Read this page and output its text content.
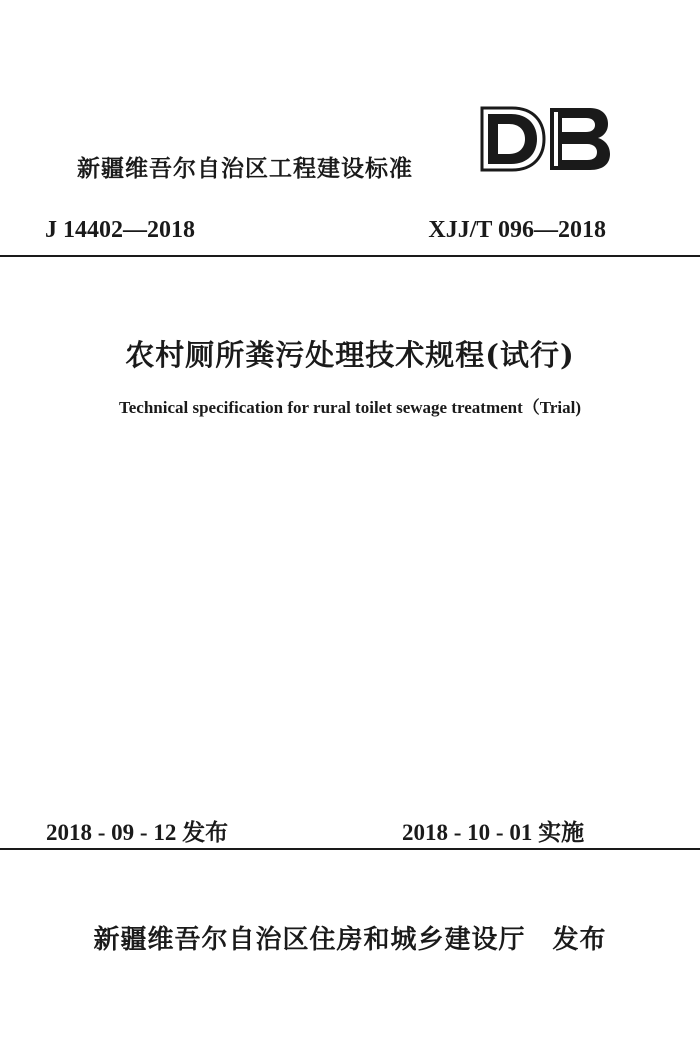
新疆维吾尔自治区工程建设标准
J 14402—2018	XJJ/T 096—2018
农村厕所粪污处理技术规程(试行)
Technical specification for rural toilet sewage treatment（Trial)
2018 - 09 - 12 发布	2018 - 10 - 01 实施
新疆维吾尔自治区住房和城乡建设厅　发布
